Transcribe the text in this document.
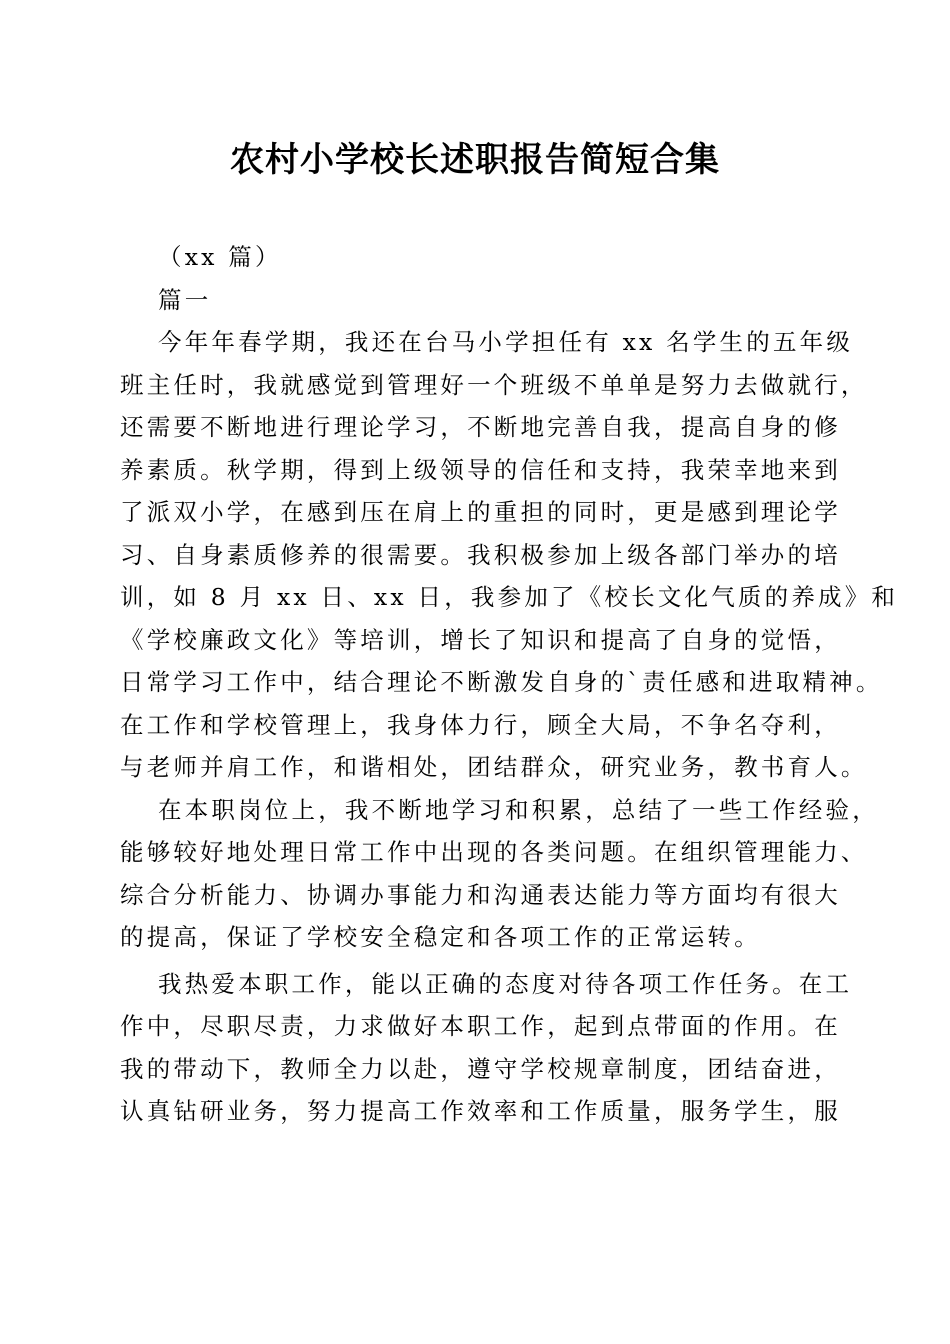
农村小学校长述职报告简短合集
（xx 篇）
篇一
今年年春学期，我还在台马小学担任有 xx 名学生的五年级
班主任时，我就感觉到管理好一个班级不单单是努力去做就行，
还需要不断地进行理论学习，不断地完善自我，提高自身的修
养素质。秋学期，得到上级领导的信任和支持，我荣幸地来到
了派双小学，在感到压在肩上的重担的同时，更是感到理论学
习、自身素质修养的很需要。我积极参加上级各部门举办的培
训，如 8 月 xx 日、xx 日，我参加了《校长文化气质的养成》和
《学校廉政文化》等培训，增长了知识和提高了自身的觉悟，
日常学习工作中，结合理论不断激发自身的`责任感和进取精神。
在工作和学校管理上，我身体力行，顾全大局，不争名夺利，
与老师并肩工作，和谐相处，团结群众，研究业务，教书育人。
在本职岗位上，我不断地学习和积累，总结了一些工作经验，
能够较好地处理日常工作中出现的各类问题。在组织管理能力、
综合分析能力、协调办事能力和沟通表达能力等方面均有很大
的提高，保证了学校安全稳定和各项工作的正常运转。
我热爱本职工作，能以正确的态度对待各项工作任务。在工
作中，尽职尽责，力求做好本职工作，起到点带面的作用。在
我的带动下，教师全力以赴，遵守学校规章制度，团结奋进，
认真钻研业务，努力提高工作效率和工作质量，服务学生，服
